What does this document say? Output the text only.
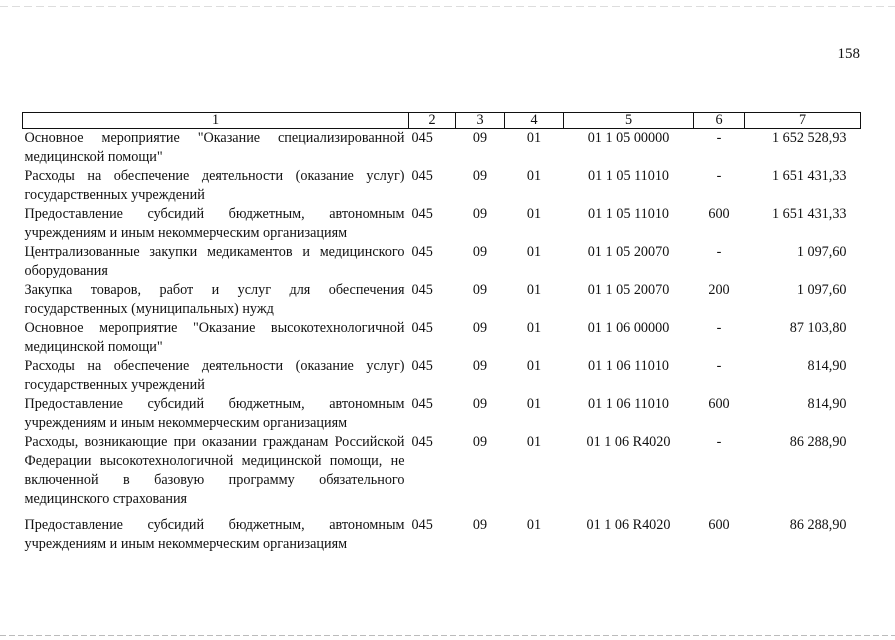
158
1	2	3	4	5	6	7
Основное мероприятие "Оказание специализированной медицинской помощи"	045	09	01	01 1 05 00000	-	1 652 528,93
Расходы на обеспечение деятельности (оказание услуг) государственных учреждений	045	09	01	01 1 05 11010	-	1 651 431,33
Предоставление субсидий бюджетным, автономным учреждениям и иным некоммерческим организациям	045	09	01	01 1 05 11010	600	1 651 431,33
Централизованные закупки медикаментов и медицинского оборудования	045	09	01	01 1 05 20070	-	1 097,60
Закупка товаров, работ и услуг для обеспечения государственных (муниципальных) нужд	045	09	01	01 1 05 20070	200	1 097,60
Основное мероприятие "Оказание высокотехнологичной медицинской помощи"	045	09	01	01 1 06 00000	-	87 103,80
Расходы на обеспечение деятельности (оказание услуг) государственных учреждений	045	09	01	01 1 06 11010	-	814,90
Предоставление субсидий бюджетным, автономным учреждениям и иным некоммерческим организациям	045	09	01	01 1 06 11010	600	814,90
Расходы, возникающие при оказании гражданам Российской Федерации высокотехнологичной медицинской помощи, не включенной в базовую программу обязательного медицинского страхования	045	09	01	01 1 06 R4020	-	86 288,90
Предоставление субсидий бюджетным, автономным учреждениям и иным некоммерческим организациям	045	09	01	01 1 06 R4020	600	86 288,90
